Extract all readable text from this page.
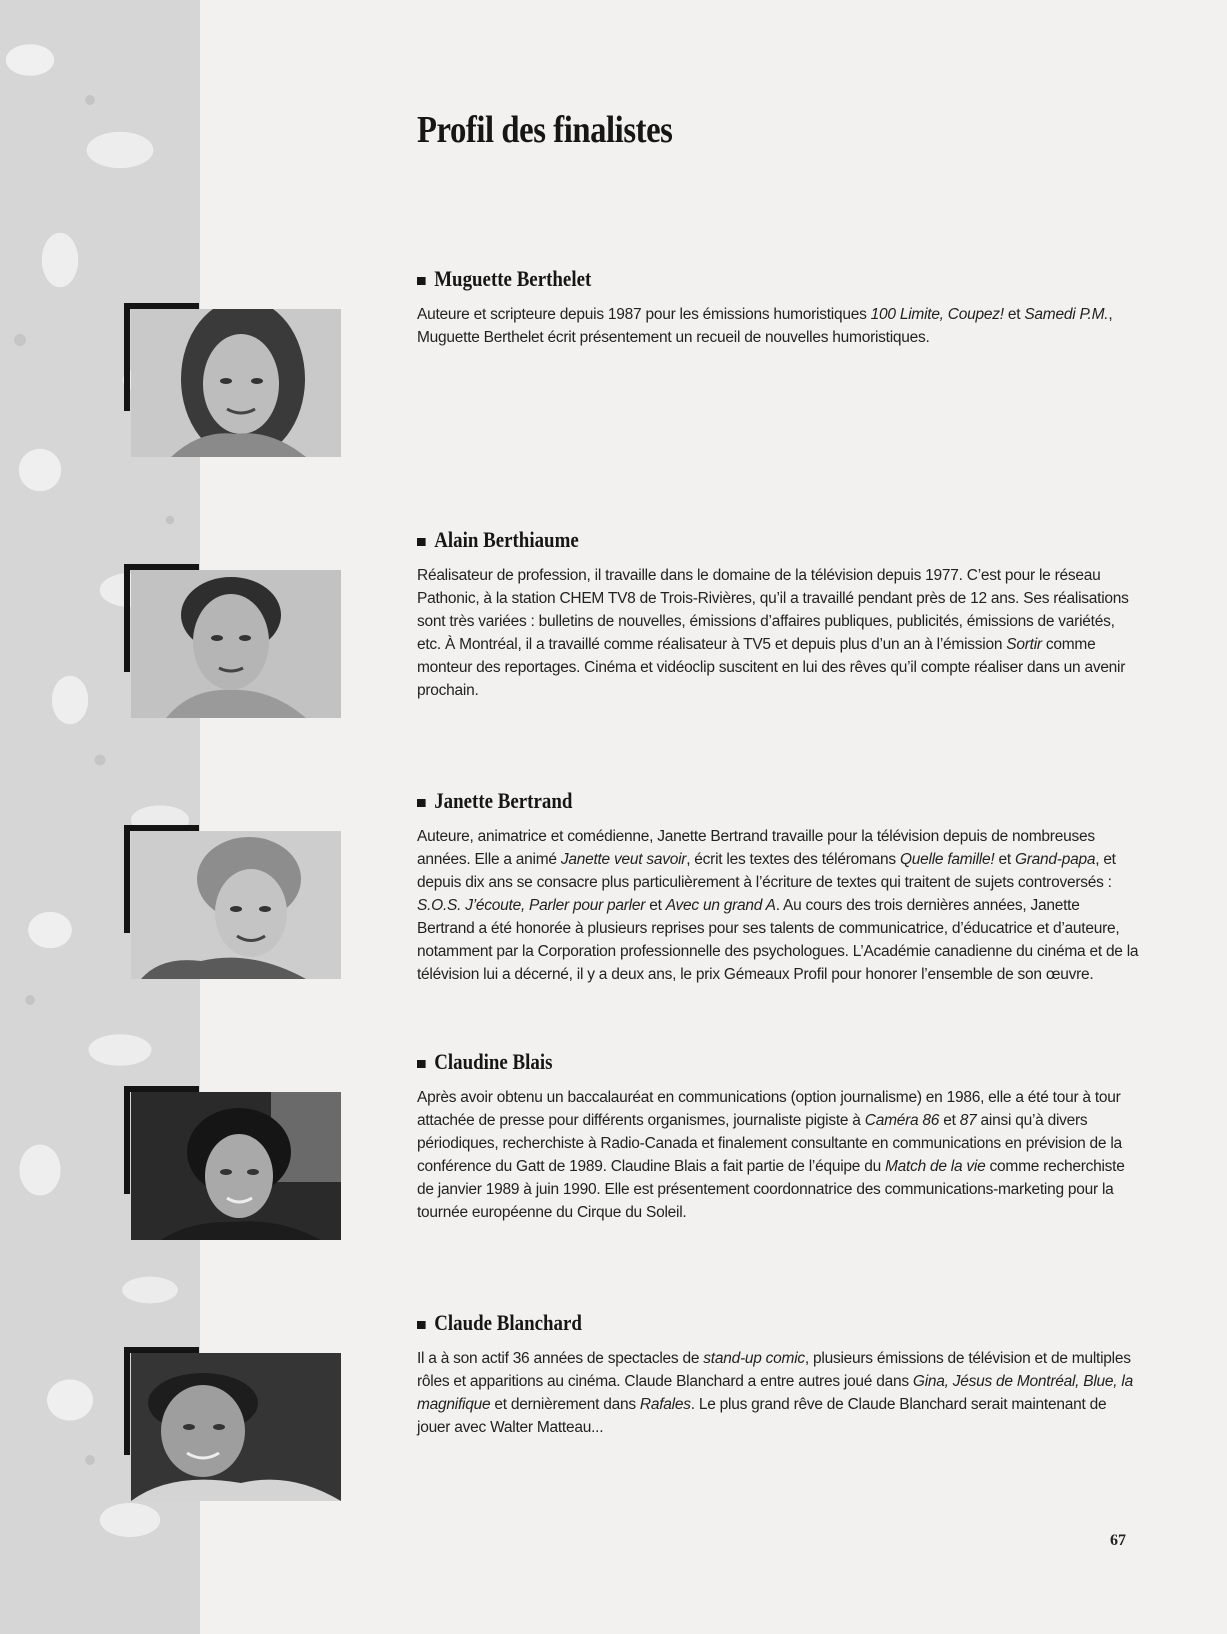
Profil des finalistes
Muguette Berthelet

Auteure et scripteure depuis 1987 pour les émissions humoristiques 100 Limite, Coupez! et Samedi P.M., Muguette Berthelet écrit présentement un recueil de nouvelles humoristiques.

Alain Berthiaume

Réalisateur de profession, il travaille dans le domaine de la télévision depuis 1977. C’est pour le réseau Pathonic, à la station CHEM TV8 de Trois-Rivières, qu’il a travaillé pendant près de 12 ans. Ses réalisations sont très variées : bulletins de nouvelles, émissions d’affaires publiques, publicités, émissions de variétés, etc. À Montréal, il a travaillé comme réalisateur à TV5 et depuis plus d’un an à l’émission Sortir comme monteur des reportages. Cinéma et vidéoclip suscitent en lui des rêves qu’il compte réaliser dans un avenir prochain.

Janette Bertrand

Auteure, animatrice et comédienne, Janette Bertrand travaille pour la télévision depuis de nombreuses années. Elle a animé Janette veut savoir, écrit les textes des téléromans Quelle famille! et Grand-papa, et depuis dix ans se consacre plus particulièrement à l’écriture de textes qui traitent de sujets controversés : S.O.S. J’écoute, Parler pour parler et Avec un grand A. Au cours des trois dernières années, Janette Bertrand a été honorée à plusieurs reprises pour ses talents de communicatrice, d’éducatrice et d’auteure, notamment par la Corporation professionnelle des psychologues. L’Académie canadienne du cinéma et de la télévision lui a décerné, il y a deux ans, le prix Gémeaux Profil pour honorer l’ensemble de son œuvre.

Claudine Blais

Après avoir obtenu un baccalauréat en communications (option journalisme) en 1986, elle a été tour à tour attachée de presse pour différents organismes, journaliste pigiste à Caméra 86 et 87 ainsi qu’à divers périodiques, recherchiste à Radio-Canada et finalement consultante en communications en prévision de la conférence du Gatt de 1989. Claudine Blais a fait partie de l’équipe du Match de la vie comme recherchiste de janvier 1989 à juin 1990. Elle est présentement coordonnatrice des communications-marketing pour la tournée européenne du Cirque du Soleil.

Claude Blanchard

Il a à son actif 36 années de spectacles de stand-up comic, plusieurs émissions de télévision et de multiples rôles et apparitions au cinéma. Claude Blanchard a entre autres joué dans Gina, Jésus de Montréal, Blue, la magnifique et dernièrement dans Rafales. Le plus grand rêve de Claude Blanchard serait maintenant de jouer avec Walter Matteau...

67
